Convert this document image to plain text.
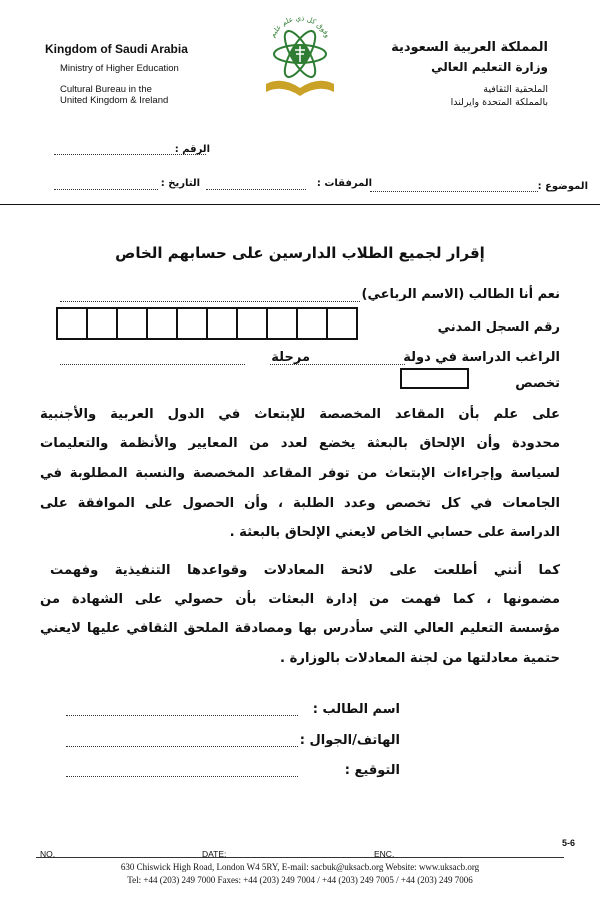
Kingdom of Saudi Arabia
Ministry of Higher Education
Cultural Bureau in the
United Kingdom & Ireland
المملكة العربية السعودية
وزارة التعليم العالي
الملحقية الثقافية
بالمملكة المتحدة وايرلندا
وفوق كل ذي علم عليم
الرقم :
الموضوع :
المرفقات :
التاريخ :
إقرار لجميع الطلاب الدارسين على حسابهم الخاص
نعم أنا الطالب (الاسم الرباعي)
رقم السجل المدني
الراغب الدراسة في دولة
مرحلة
تخصص
على علم بأن المقاعد المخصصة للإبتعاث في الدول العربية والأجنبية
محدودة وأن الإلحاق بالبعثة يخضع لعدد من المعايير والأنظمة والتعليمات
لسياسة وإجراءات الإبتعاث من توفر المقاعد المخصصة والنسبة المطلوبة في
الجامعات في كل تخصص وعدد الطلبة ، وأن الحصول على الموافقة على
الدراسة على حسابي الخاص لايعني الإلحاق بالبعثة .
كما أنني أطلعت على لائحة المعادلات وقواعدها التنفيذية وفهمت
مضمونها ، كما فهمت من إدارة البعثات بأن حصولي على الشهادة من
مؤسسة التعليم العالي التي سأدرس بها ومصادقة الملحق الثقافي عليها لايعني
حتمية معادلتها من لجنة المعادلات بالوزارة .
اسم الطالب :
الهاتف/الجوال :
التوقيع :
5-6
NO.	DATE:	ENC.
630 Chiswick High Road, London W4 5RY, E-mail: sacbuk@uksacb.org Website: www.uksacb.org
Tel: +44 (203) 249 7000 Faxes: +44 (203) 249 7004 / +44 (203) 249 7005 / +44 (203) 249 7006
